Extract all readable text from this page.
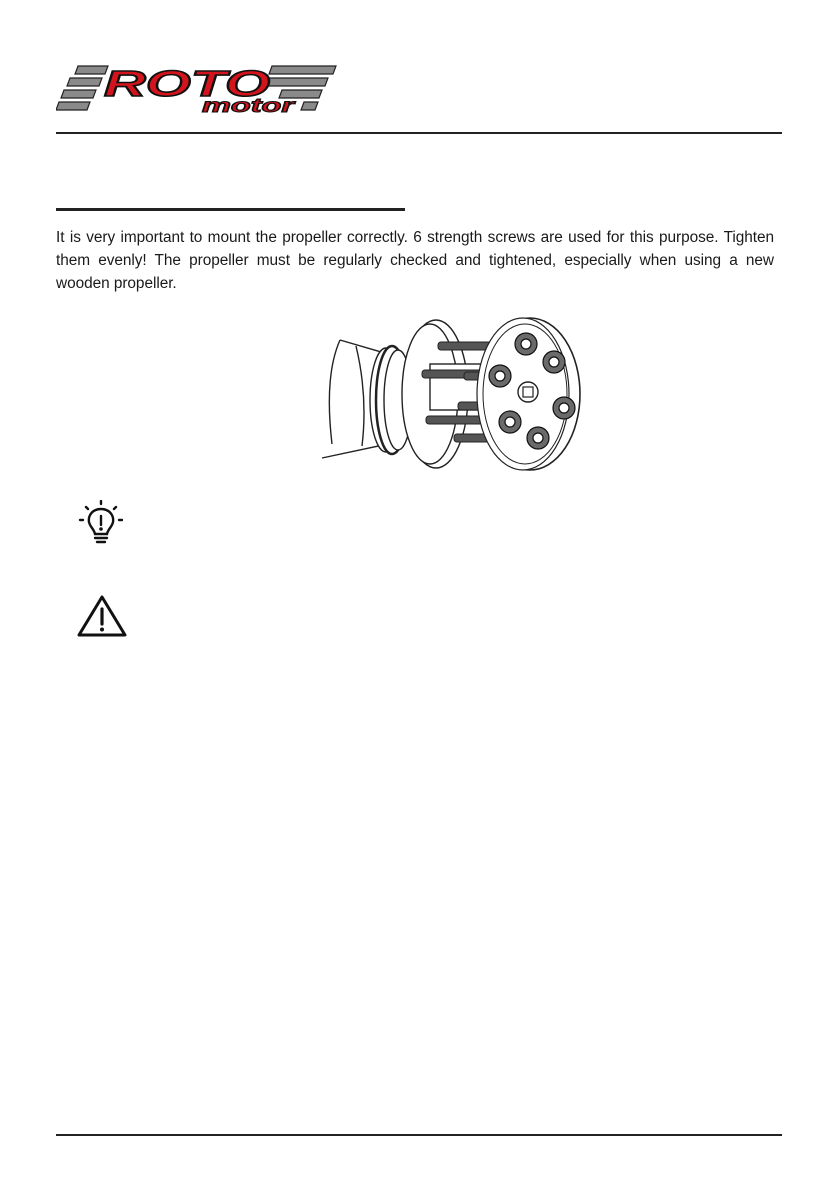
ROTO
motor

It is very important to mount the propeller correctly. 6 strength screws are used for this purpose. Tighten them evenly! The propeller must be regularly checked and tightened, especially when using a new wooden propeller.
